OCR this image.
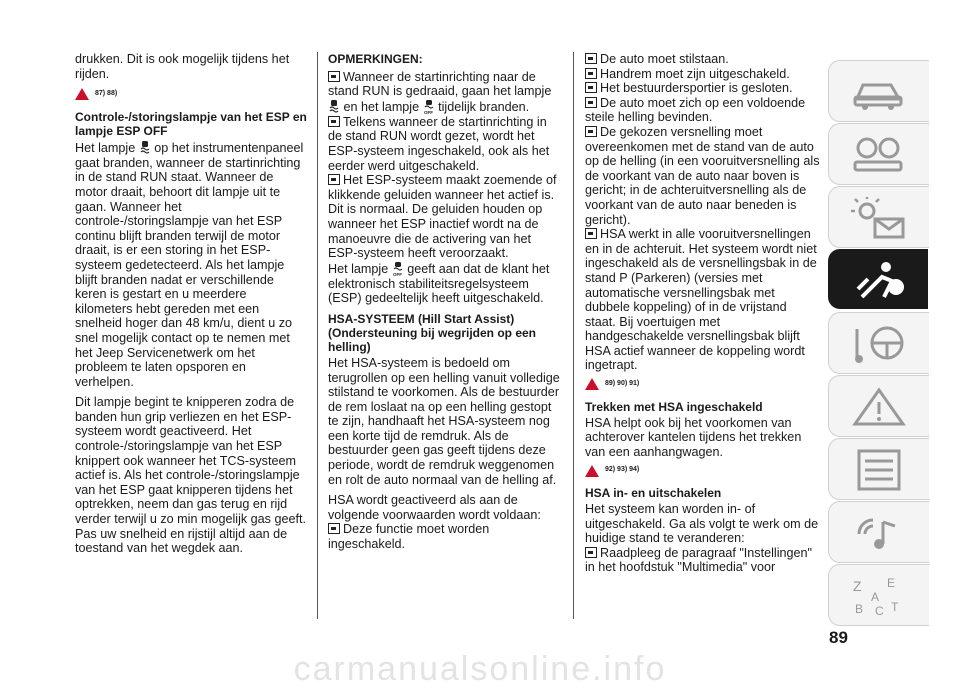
drukken. Dit is ook mogelijk tijdens het rijden.

87) 88)
Controle-/storingslampje van het ESP en lampje ESP OFF

Het lampje op het instrumentenpaneel gaat branden, wanneer de startinrichting in de stand RUN staat. Wanneer de motor draait, behoort dit lampje uit te gaan. Wanneer het controle-/storingslampje van het ESP continu blijft branden terwijl de motor draait, is er een storing in het ESP-systeem gedetecteerd. Als het lampje blijft branden nadat er verschillende keren is gestart en u meerdere kilometers hebt gereden met een snelheid hoger dan 48 km/u, dient u zo snel mogelijk contact op te nemen met het Jeep Servicenetwerk om het probleem te laten opsporen en verhelpen.

Dit lampje begint te knipperen zodra de banden hun grip verliezen en het ESP-systeem wordt geactiveerd. Het controle-/storingslampje van het ESP knippert ook wanneer het TCS-systeem actief is. Als het controle-/storingslampje van het ESP gaat knipperen tijdens het optrekken, neem dan gas terug en rijd verder terwijl u zo min mogelijk gas geeft. Pas uw snelheid en rijstijl altijd aan de toestand van het wegdek aan.

OPMERKINGEN:
Wanneer de startinrichting naar de stand RUN is gedraaid, gaan het lampje  en het lampje OFF tijdelijk branden.
Telkens wanneer de startinrichting in de stand RUN wordt gezet, wordt het ESP-systeem ingeschakeld, ook als het eerder werd uitgeschakeld.

Het ESP-systeem maakt zoemende of klikkende geluiden wanneer het actief is. Dit is normaal. De geluiden houden op wanneer het ESP inactief wordt na de manoeuvre die de activering van het ESP-systeem heeft veroorzaakt.

Het lampje OFF geeft aan dat de klant het elektronisch stabiliteitsregelsysteem (ESP) gedeeltelijk heeft uitgeschakeld.

HSA-SYSTEEM (Hill Start Assist) (Ondersteuning bij wegrijden op een helling)

Het HSA-systeem is bedoeld om terugrollen op een helling vanuit volledige stilstand te voorkomen. Als de bestuurder de rem loslaat na op een helling gestopt te zijn, handhaaft het HSA-systeem nog een korte tijd de remdruk. Als de bestuurder geen gas geeft tijdens deze periode, wordt de remdruk weggenomen en rolt de auto normaal van de helling af.

HSA wordt geactiveerd als aan de volgende voorwaarden wordt voldaan:

Deze functie moet worden ingeschakeld.
De auto moet stilstaan.
Handrem moet zijn uitgeschakeld.
Het bestuurdersportier is gesloten.
De auto moet zich op een voldoende steile helling bevinden.
De gekozen versnelling moet overeenkomen met de stand van de auto op de helling (in een vooruitversnelling als de voorkant van de auto naar boven is gericht; in de achteruitversnelling als de voorkant van de auto naar beneden is gericht).
HSA werkt in alle vooruitversnellingen en in de achteruit. Het systeem wordt niet ingeschakeld als de versnellingsbak in de stand P (Parkeren) (versies met automatische versnellingsbak met dubbele koppeling) of in de vrijstand staat. Bij voertuigen met handgeschakelde versnellingsbak blijft HSA actief wanneer de koppeling wordt ingetrapt.
89) 90) 91)
Trekken met HSA ingeschakeld

HSA helpt ook bij het voorkomen van achterover kantelen tijdens het trekken van een aanhangwagen.

92) 93) 94)
HSA in- en uitschakelen

Het systeem kan worden in- of uitgeschakeld. Ga als volgt te werk om de huidige stand te veranderen:

Raadpleeg de paragraaf "Instellingen" in het hoofdstuk "Multimedia" voor
Z E
A
B C T
89
carmanualsonline.info
